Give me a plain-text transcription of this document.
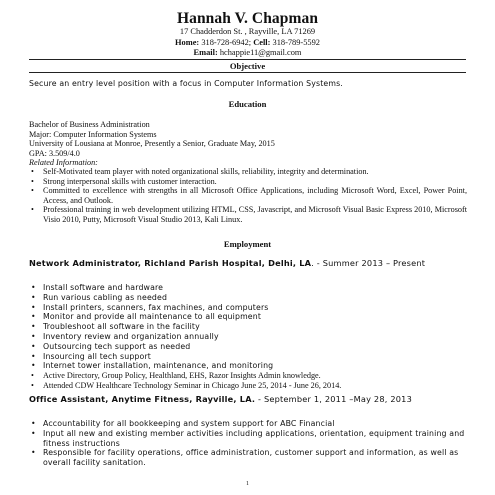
Hannah V. Chapman
17 Chadderdon St. , Rayville, LA 71269
Home: 318-728-6942; Cell: 318-789-5592
Email: hchappie11@gmail.com
Objective
Secure an entry level position with a focus in Computer Information Systems.
Education
Bachelor of Business Administration
Major: Computer Information Systems
University of Lousiana at Monroe, Presently a Senior, Graduate May, 2015
GPA: 3.509/4.0
Related Information:
• Self-Motivated team player with noted organizational skills, reliability, integrity and determination.
• Strong interpersonal skills with customer interaction.
• Committed to excellence with strengths in all Microsoft Office Applications, including Microsoft Word, Excel, Power Point, Access, and Outlook.
• Professional training in web development utilizing HTML, CSS, Javascript, and Microsoft Visual Basic Express 2010, Microsoft Visio 2010, Putty, Microsoft Visual Studio 2013, Kali Linux.
Employment
Network Administrator, Richland Parish Hospital, Delhi, LA. - Summer 2013 – Present
• Install software and hardware
• Run various cabling as needed
• Install printers, scanners, fax machines, and computers
• Monitor and provide all maintenance to all equipment
• Troubleshoot all software in the facility
• Inventory review and organization annually
• Outsourcing tech support as needed
• Insourcing all tech support
• Internet tower installation, maintenance, and monitoring
• Active Directory, Group Policy, Healthland, EHS, Razor Insights Admin knowledge.
• Attended CDW Healthcare Technology Seminar in Chicago June 25, 2014 - June 26, 2014.
Office Assistant, Anytime Fitness, Rayville, LA. - September 1, 2011 –May 28, 2013
• Accountability for all bookkeeping and system support for ABC Financial
• Input all new and existing member activities including applications, orientation, equipment training and fitness instructions
• Responsible for facility operations, office administration, customer support and information, as well as overall facility sanitation.
1
